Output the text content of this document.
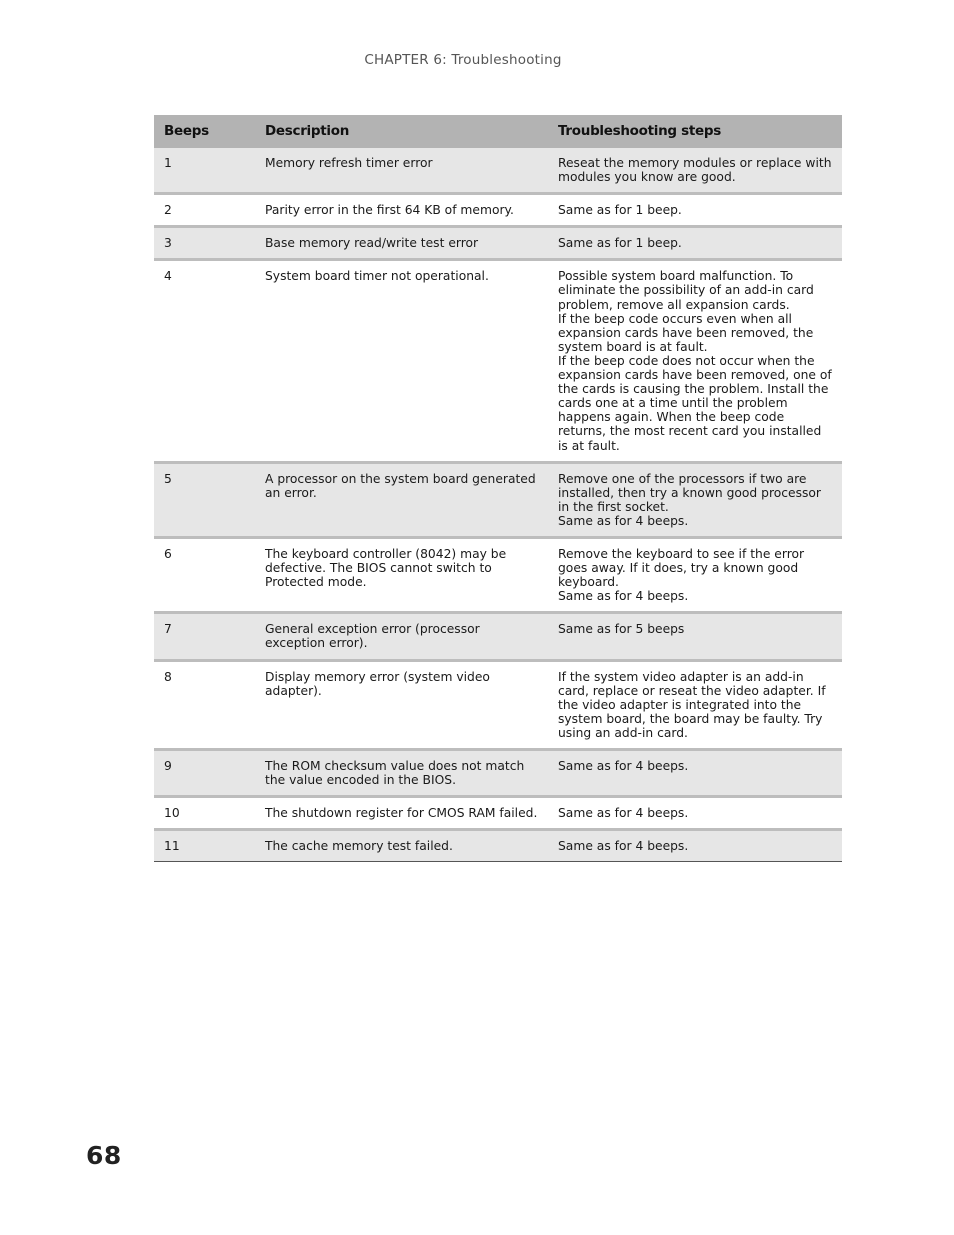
CHAPTER 6: Troubleshooting
Beeps	Description	Troubleshooting steps
1	Memory refresh timer error	Reseat the memory modules or replace with modules you know are good.

2	Parity error in the first 64 KB of memory.	Same as for 1 beep.

3	Base memory read/write test error	Same as for 1 beep.

4	System board timer not operational.	Possible system board malfunction. To eliminate the possibility of an add-in card problem, remove all expansion cards.
If the beep code occurs even when all expansion cards have been removed, the system board is at fault.
If the beep code does not occur when the expansion cards have been removed, one of the cards is causing the problem. Install the cards one at a time until the problem happens again. When the beep code returns, the most recent card you installed is at fault.

5	A processor on the system board generated an error.	Remove one of the processors if two are installed, then try a known good processor in the first socket.
Same as for 4 beeps.

6	The keyboard controller (8042) may be defective. The BIOS cannot switch to Protected mode.	Remove the keyboard to see if the error goes away. If it does, try a known good keyboard.
Same as for 4 beeps.

7	General exception error (processor exception error).	Same as for 5 beeps

8	Display memory error (system video adapter).	If the system video adapter is an add-in card, replace or reseat the video adapter. If the video adapter is integrated into the system board, the board may be faulty. Try using an add-in card.

9	The ROM checksum value does not match the value encoded in the BIOS.	Same as for 4 beeps.

10	The shutdown register for CMOS RAM failed.	Same as for 4 beeps.

11	The cache memory test failed.	Same as for 4 beeps.
68
